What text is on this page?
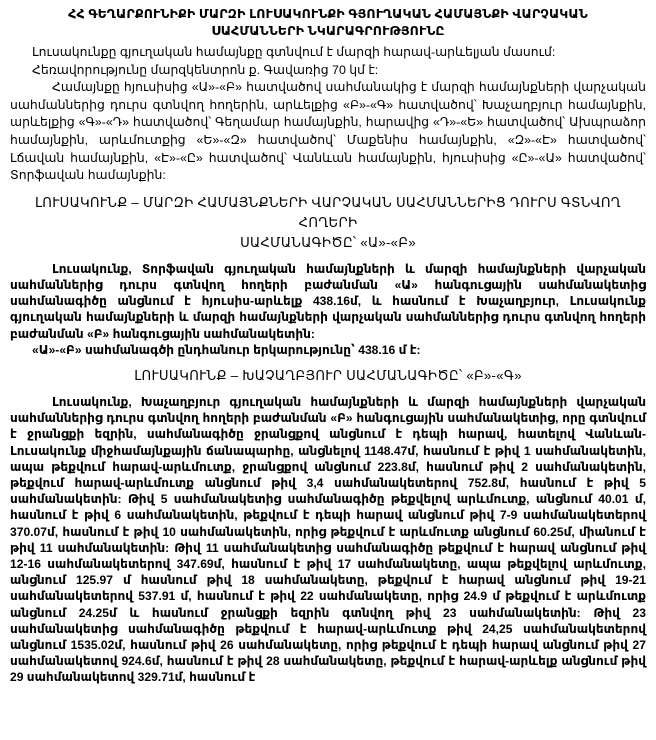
ՀՀ ԳԵՂԱՐՔՈՒՆԻՔԻ ՄԱՐԶԻ ԼՈՒՍԱԿՈՒՆՔԻ ԳՅՈՒՂԱԿԱՆ ՀԱՄԱՅՆՔԻ ՎԱՐՉԱԿԱՆ

ՍԱՀՄԱՆՆԵՐԻ ՆԿԱՐԱԳՐՈՒԹՅՈՒՆԸ

Լուսակունքը գյուղական համայնքը գտնվում է մարզի հարավ-արևելյան մասում:

Հեռավորությունը մարզկենտրոն ք. Գավառից 70 կմ է:

Համայնքը հյուսիսից «Ա»-«Բ» հատվածով սահմանակից է մարզի համայնքների վարչական սահմաններից դուրս գտնվող հողերին, արևելքից «Բ»-«Գ» հատվածով՝ Խաչաղբյուր համայնքին, արևելքից «Գ»-«Դ» հատվածով՝ Գեղամար համայնքին, հարավից «Դ»-«Ե» հատվածով՝ Ախպրաձոր համայնքին, արևմուտքից «Ե»-«Զ» հատվածով՝ Մաքենիս համայնքին, «Զ»-«Է» հատվածով՝ Լճավան համայնքին, «Է»-«Ը» հատվածով՝ Վանևան համայնքին, հյուսիսից «Ը»-«Ա» հատվածով՝ Տորֆավան համայնքին:

ԼՈՒՍԱԿՈՒՆՔ – ՄԱՐԶԻ ՀԱՄԱՅՆՔՆԵՐԻ ՎԱՐՉԱԿԱՆ ՍԱՀՄԱՆՆԵՐԻՑ ԴՈՒՐՍ ԳՏՆՎՈՂ ՀՈՂԵՐԻ

ՍԱՀՄԱՆԱԳԻԾԸ՝ «Ա»-«Բ»

Լուսակունք, Տորֆավան գյուղական համայնքների և մարզի համայնքների վարչական սահմաններից դուրս գտնվող հողերի բաժանման «Ա» հանգուցային սահմանակետից սահմանագիծը անցնում է հյուսիս-արևելք 438.16մ, և հասնում է Խաչաղբյուր, Լուսակունք գյուղական համայնքների և մարզի համայնքների վարչական սահմաններից դուրս գտնվող հողերի բաժանման «Բ» հանգուցային սահմանակետին:

«Ա»-«Բ» սահմանագծի ընդհանուր երկարությունը՝ 438.16 մ է:

ԼՈՒՍԱԿՈՒՆՔ – ԽԱՉԱՂԲՅՈՒՐ ՍԱՀՄԱՆԱԳԻԾԸ՝ «Բ»-«Գ»

Լուսակունք, Խաչաղբյուր գյուղական համայնքների և մարզի համայնքների վարչական սահմաններից դուրս գտնվող հողերի բաժանման «Բ» հանգուցային սահմանակետից, որը գտնվում է ջրանցքի եզրին, սահմանագիծը ջրանցքով անցնում է դեպի հարավ, հատելով Վանևան-Լուսակունք միջհամայնքային ճանապարհը, անցնելով 1148.47մ, հասնում է թիվ 1 սահմանակետին, ապա թեքվում հարավ-արևմուտք, ջրանցքով անցնում 223.8մ, հասնում թիվ 2 սահմանակետին, թեքվում հարավ-արևմուտք անցնում թիվ 3,4 սահմանակետերով 752.8մ, հասնում է թիվ 5 սահմանակետին: Թիվ 5 սահմանակետից սահմանագիծը թեքվելով արևմուտք, անցնում 40.01 մ, հասնում է թիվ 6 սահմանակետին, թեքվում է դեպի հարավ անցնում թիվ 7-9 սահմանակետերով 370.07մ, հասնում է թիվ 10 սահմանակետին, որից թեքվում է արևմուտք անցնում 60.25մ, միանում է թիվ 11 սահմանակետին: Թիվ 11 սահմանակետից սահմանագիծը թեքվում է հարավ անցնում թիվ 12-16 սահմանակետերով 347.69մ, հասնում է թիվ 17 սահմանակետը, ապա թեքվելով արևմուտք, անցնում 125.97 մ հասնում թիվ 18 սահմանակետը, թեքվում է հարավ անցնում թիվ 19-21 սահմանակետերով 537.91 մ, հասնում է թիվ 22 սահմանակետը, որից 24.9 մ թեքվում է արևմուտք անցնում 24.25մ և հասնում ջրանցքի եզրին գտնվող թիվ 23 սահմանակետին: Թիվ 23 սահմանակետից սահմանագիծը թեքվում է հարավ-արևմուտք թիվ 24,25 սահմանակետերով անցնում 1535.02մ, հասնում թիվ 26 սահմանակետը, որից թեքվում է դեպի հարավ անցնում թիվ 27 սահմանակետով 924.6մ, հասնում է թիվ 28 սահմանակետը, թեքվում է հարավ-արևելք անցնում թիվ 29 սահմանակետով 329.71մ, հասնում է
